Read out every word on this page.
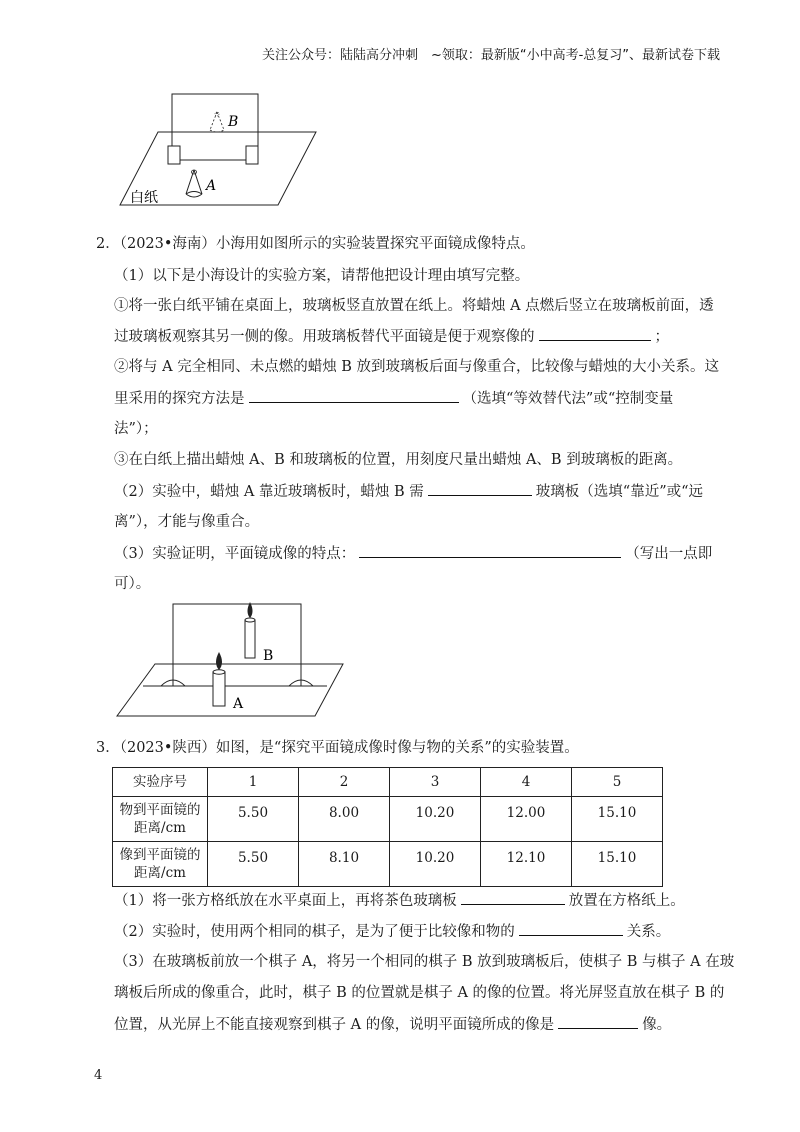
关注公众号：陆陆高分冲刺　~领取：最新版“小中高考-总复习”、最新试卷下载
B
A
白纸
2．（2023•海南）小海用如图所示的实验装置探究平面镜成像特点。
（1）以下是小海设计的实验方案，请帮他把设计理由填写完整。
①将一张白纸平铺在桌面上，玻璃板竖直放置在纸上。将蜡烛 A 点燃后竖立在玻璃板前面，透
过玻璃板观察其另一侧的像。用玻璃板替代平面镜是便于观察像的	；
②将与 A 完全相同、未点燃的蜡烛 B 放到玻璃板后面与像重合，比较像与蜡烛的大小关系。这
里采用的探究方法是	（选填“等效替代法”或“控制变量
法”）；
③在白纸上描出蜡烛 A、B 和玻璃板的位置，用刻度尺量出蜡烛 A、B 到玻璃板的距离。
（2）实验中，蜡烛 A 靠近玻璃板时，蜡烛 B 需	玻璃板（选填“靠近”或“远
离”），才能与像重合。
（3）实验证明，平面镜成像的特点：	（写出一点即
可）。
B
A
3．（2023•陕西）如图，是“探究平面镜成像时像与物的关系”的实验装置。
实验序号	1	2	3	4	5
物到平面镜的
距离/cm	5.50	8.00	10.20	12.00	15.10
像到平面镜的
距离/cm	5.50	8.10	10.20	12.10	15.10
（1）将一张方格纸放在水平桌面上，再将茶色玻璃板	放置在方格纸上。
（2）实验时，使用两个相同的棋子，是为了便于比较像和物的	关系。
（3）在玻璃板前放一个棋子 A，将另一个相同的棋子 B 放到玻璃板后，使棋子 B 与棋子 A 在玻
璃板后所成的像重合，此时，棋子 B 的位置就是棋子 A 的像的位置。将光屏竖直放在棋子 B 的
位置，从光屏上不能直接观察到棋子 A 的像，说明平面镜所成的像是	像。
4
